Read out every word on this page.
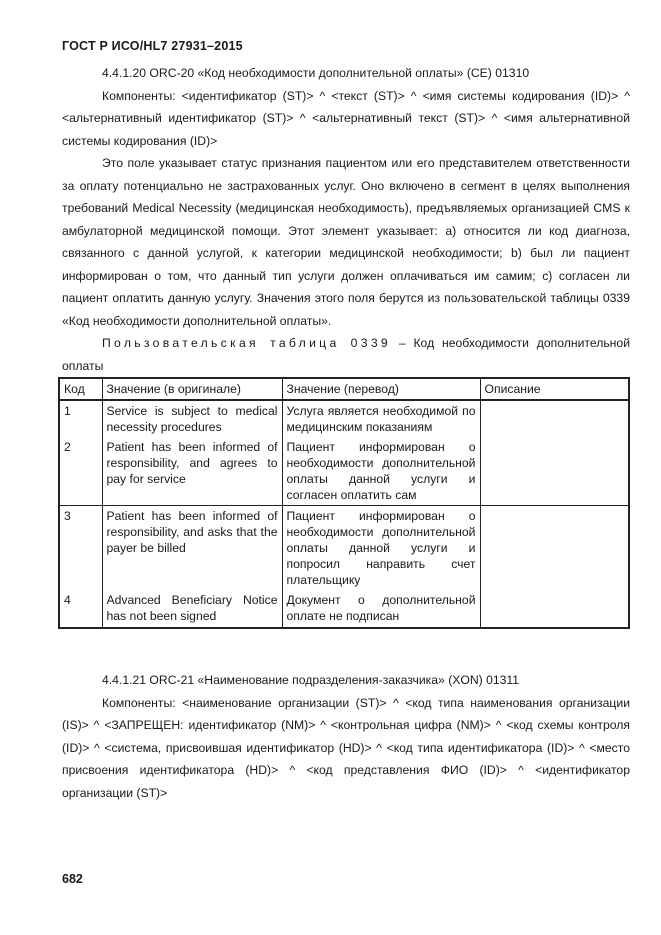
ГОСТ Р ИСО/HL7 27931–2015

4.4.1.20 ORC-20 «Код необходимости дополнительной оплаты» (CE) 01310

Компоненты: <идентификатор (ST)> ^ <текст (ST)> ^ <имя системы кодирования (ID)> ^ <альтернативный идентификатор (ST)> ^ <альтернативный текст (ST)> ^ <имя альтернативной системы кодирования (ID)>

Это поле указывает статус признания пациентом или его представителем ответственности за оплату потенциально не застрахованных услуг. Оно включено в сегмент в целях выполнения требований Medical Necessity (медицинская необходимость), предъявляемых организацией CMS к амбулаторной медицинской помощи. Этот элемент указывает: а) относится ли код диагноза, связанного с данной услугой, к категории медицинской необходимости; b) был ли пациент информирован о том, что данный тип услуги должен оплачиваться им самим; с) согласен ли пациент оплатить данную услугу. Значения этого поля берутся из пользовательской таблицы 0339 «Код необходимости дополнительной оплаты».

Пользовательская таблица 0339 – Код необходимости дополнительной оплаты

Код	Значение (в оригинале)	Значение (перевод)	Описание
1	Service is subject to medical necessity procedures	Услуга является необходимой по медицинским показаниям	
2	Patient has been informed of responsibility, and agrees to pay for service	Пациент информирован о необходимости дополнительной оплаты данной услуги и согласен оплатить сам	
3	Patient has been informed of responsibility, and asks that the payer be billed	Пациент информирован о необходимости дополнительной оплаты данной услуги и попросил направить счет плательщику	
4	Advanced Beneficiary Notice has not been signed	Документ о дополнительной оплате не подписан	

4.4.1.21 ORC-21 «Наименование подразделения-заказчика» (XON) 01311

Компоненты: <наименование организации (ST)> ^ <код типа наименования организации (IS)> ^ <ЗАПРЕЩЕН: идентификатор (NM)> ^ <контрольная цифра (NM)> ^ <код схемы контроля (ID)> ^ <система, присвоившая идентификатор (HD)> ^ <код типа идентификатора (ID)> ^ <место присвоения идентификатора (HD)> ^ <код представления ФИО (ID)> ^ <идентификатор организации (ST)>

682
